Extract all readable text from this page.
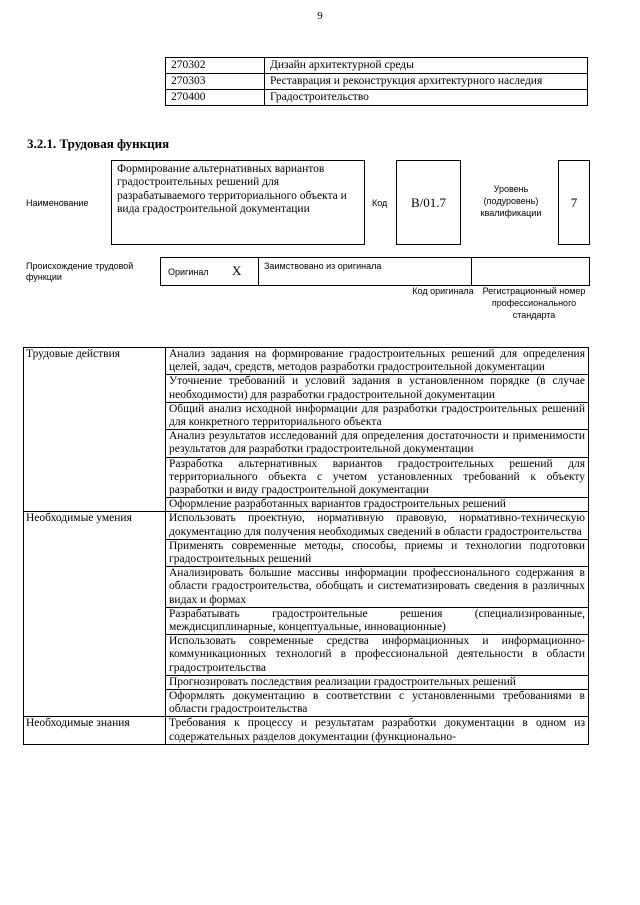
9
270302	Дизайн архитектурной среды
270303	Реставрация и реконструкция архитектурного наследия
270400	Градостроительство
3.2.1. Трудовая функция
Наименование
Формирование альтернативных вариантов градостроительных решений для разрабатываемого территориального объекта и вида градостроительной документации	Код B/01.7
Уровень (подуровень) квалификации
7
Происхождение трудовой функции	Оригинал X	Заимствовано из оригинала
Код оригинала Регистрационный номер профессионального стандарта
Трудовые действия	Анализ задания на формирование градостроительных решений для определения целей, задач, средств, методов разработки градостроительной документации
	Уточнение требований и условий задания в установленном порядке (в случае необходимости) для разработки градостроительной документации
	Общий анализ исходной информации для разработки градостроительных решений для конкретного территориального объекта
	Анализ результатов исследований для определения достаточности и применимости результатов для разработки градостроительной документации
	Разработка альтернативных вариантов градостроительных решений для территориального объекта с учетом установленных требований к объекту разработки и виду градостроительной документации
	Оформление разработанных вариантов градостроительных решений
Необходимые умения	Использовать проектную, нормативную правовую, нормативно-техническую документацию для получения необходимых сведений в области градостроительства
	Применять современные методы, способы, приемы и технологии подготовки градостроительных решений
	Анализировать большие массивы информации профессионального содержания в области градостроительства, обобщать и систематизировать сведения в различных видах и формах
	Разрабатывать градостроительные решения (специализированные, междисциплинарные, концептуальные, инновационные)
	Использовать современные средства информационных и информационно-коммуникационных технологий в профессиональной деятельности в области градостроительства
	Прогнозировать последствия реализации градостроительных решений
	Оформлять документацию в соответствии с установленными требованиями в области градостроительства
Необходимые знания	Требования к процессу и результатам разработки документации в одном из содержательных разделов документации (функционально-
